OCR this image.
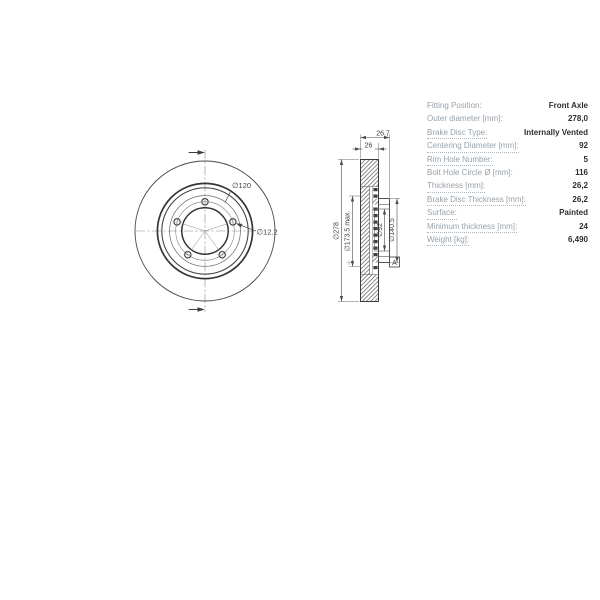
∅120
∅12.2
A
26.7
26
∅278 ∅173.5 max.	∅92 ∅140.5
Fitting Position:	Front Axle
Outer diameter [mm]:	278,0
Brake Disc Type:	Internally Vented
Centering Diameter [mm]:	92
Rim Hole Number:	5
Bolt Hole Circle Ø [mm]:	116
Thickness [mm]:	26,2
Brake Disc Thickness [mm]:	26,2
Surface:	Painted
Minimum thickness [mm]:	24
Weight [kg]:	6,490
